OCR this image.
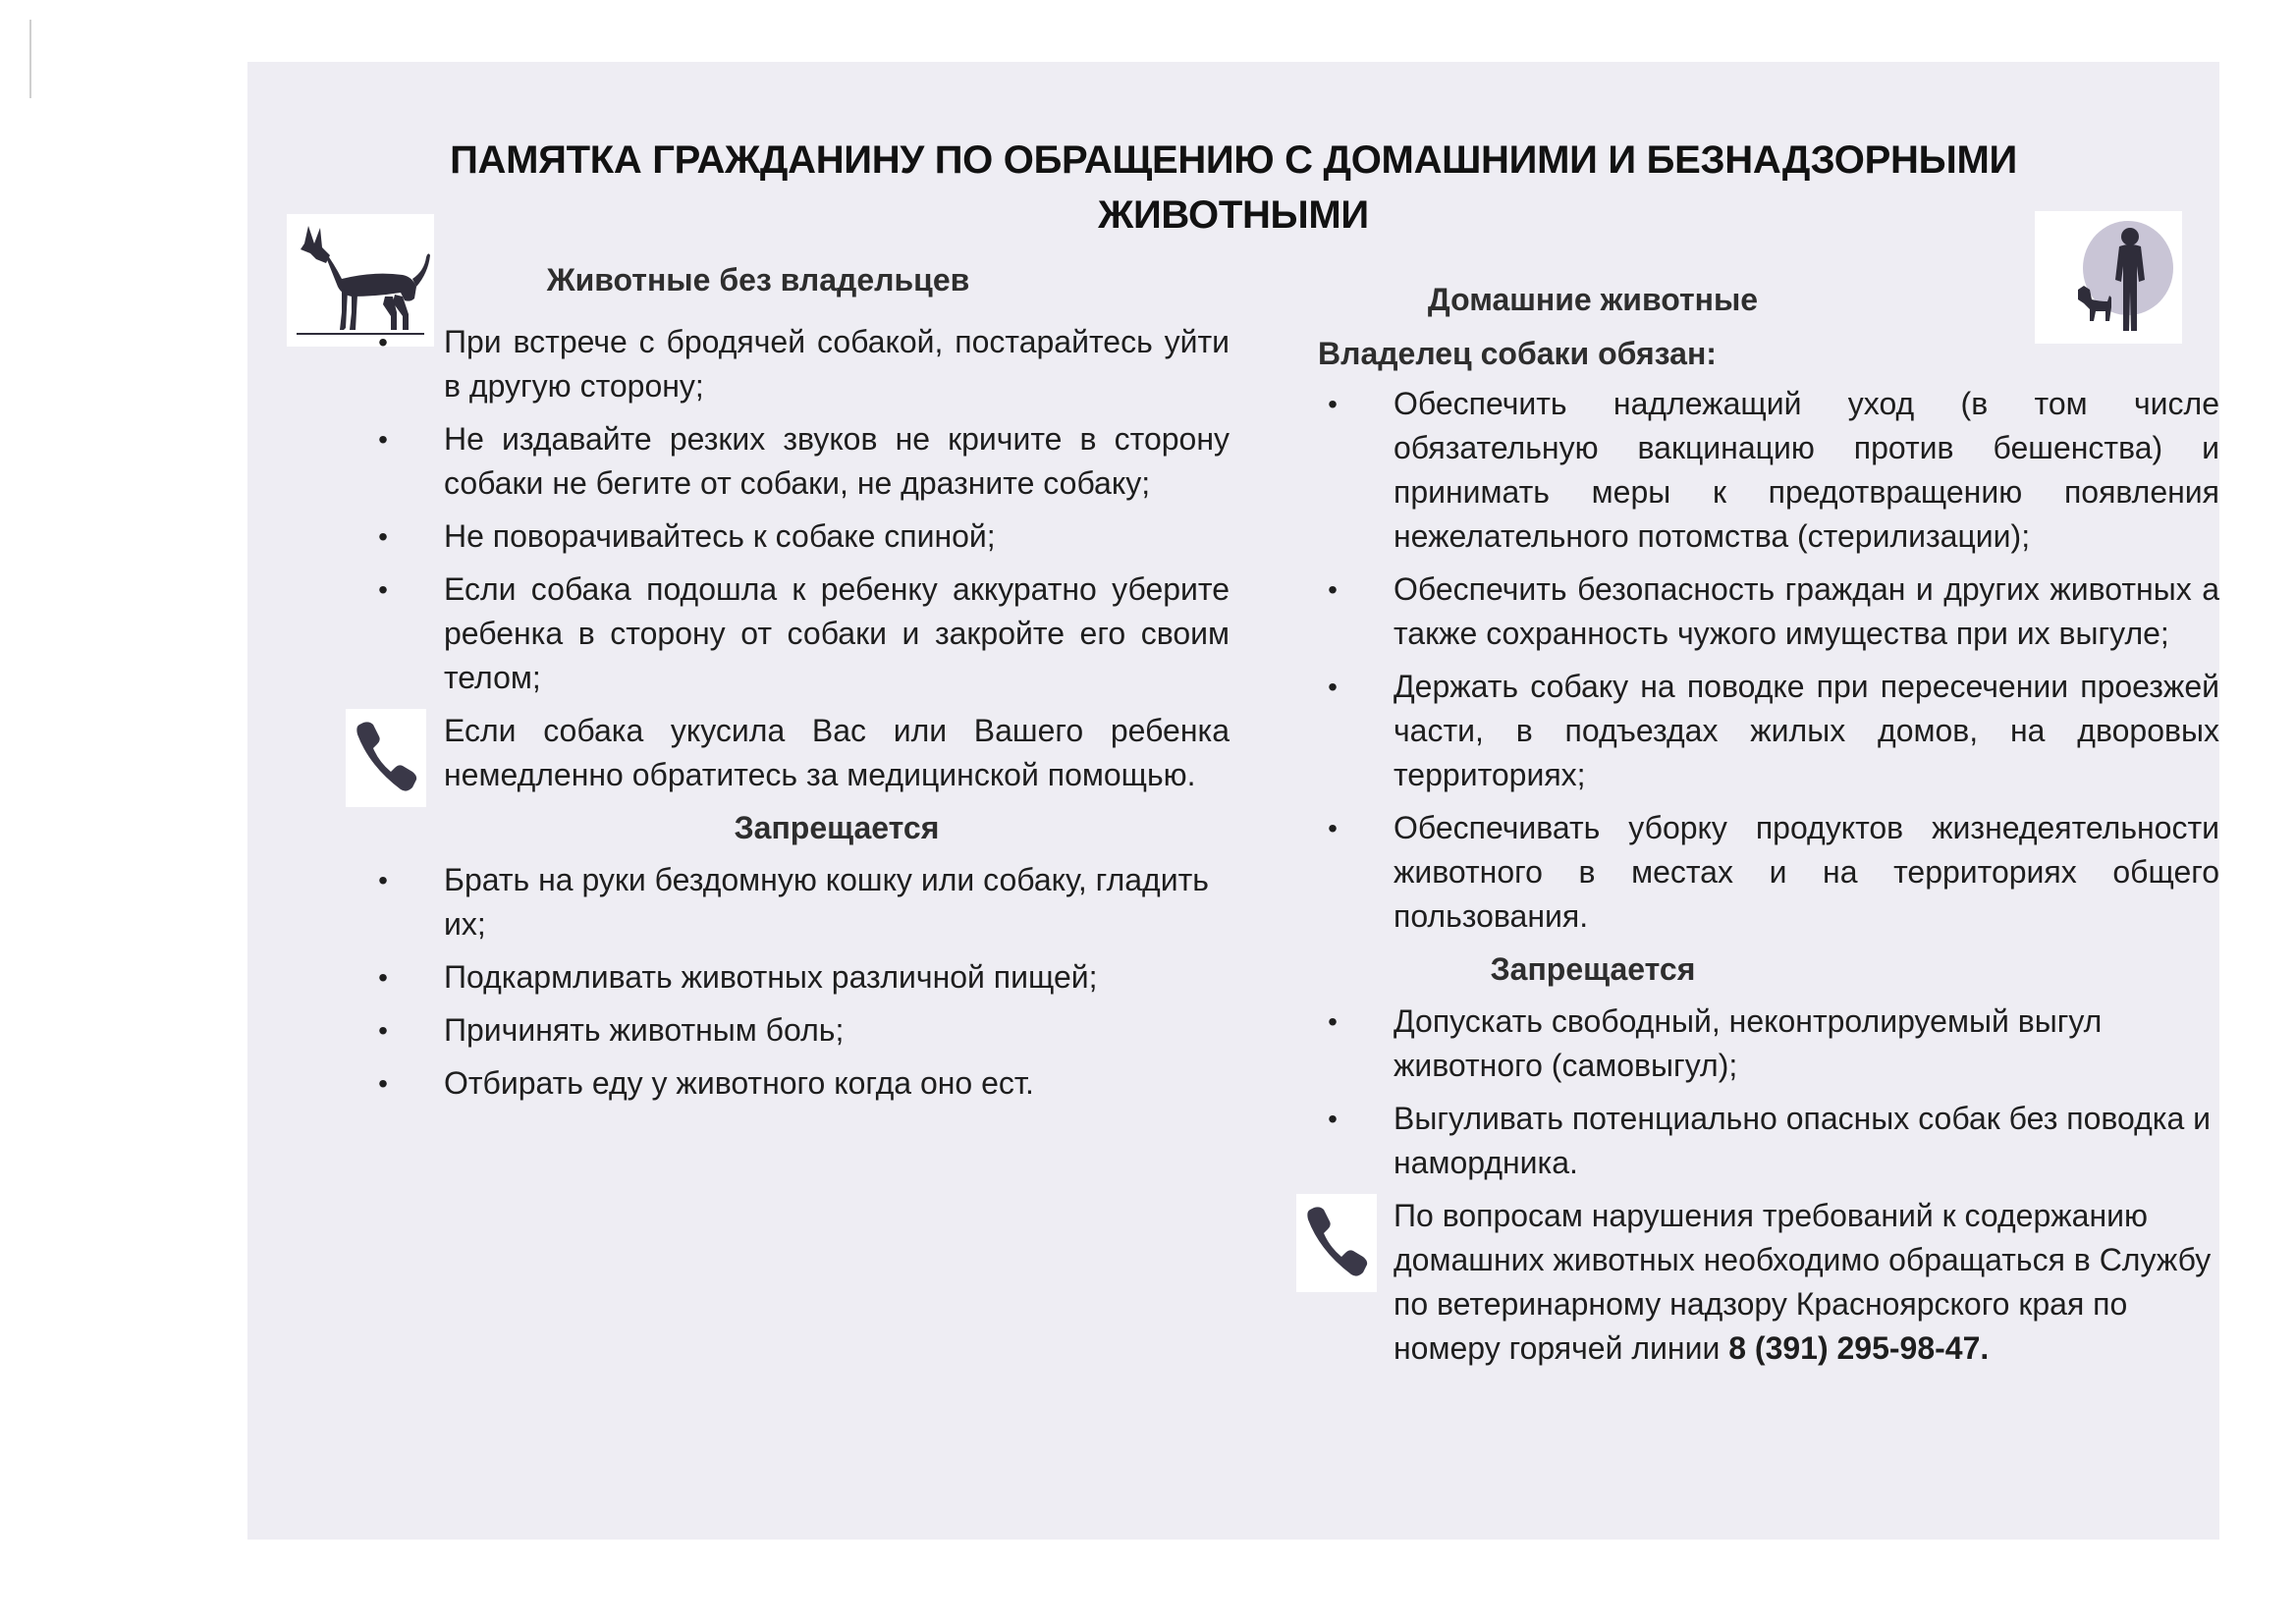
ПАМЯТКА ГРАЖДАНИНУ ПО ОБРАЩЕНИЮ С ДОМАШНИМИ И БЕЗНАДЗОРНЫМИ
ЖИВОТНЫМИ
Животные без владельцев
• При встрече с бродячей собакой, постарайтесь уйти в другую сторону;
• Не издавайте резких звуков не кричите в сторону собаки не бегите от собаки, не дразните собаку;
• Не поворачивайтесь к собаке спиной;
• Если собака подошла к ребенку аккуратно уберите ребенка в сторону от собаки и закройте его своим телом;
Если собака укусила Вас или Вашего ребенка немедленно обратитесь за медицинской помощью.
Запрещается
• Брать на руки бездомную кошку или собаку, гладить их;
• Подкармливать животных различной пищей;
• Причинять животным боль;
• Отбирать еду у животного когда оно ест.
Домашние животные
Владелец собаки обязан:
• Обеспечить надлежащий уход (в том числе обязательную вакцинацию против бешенства) и принимать меры к предотвращению появления нежелательного потомства (стерилизации);
• Обеспечить безопасность граждан и других животных а также сохранность чужого имущества при их выгуле;
• Держать собаку на поводке при пересечении проезжей части, в подъездах жилых домов, на дворовых территориях;
• Обеспечивать уборку продуктов жизнедеятельности животного в местах и на территориях общего пользования.
Запрещается
• Допускать свободный, неконтролируемый выгул животного (самовыгул);
• Выгуливать потенциально опасных собак без поводка и намордника.
По вопросам нарушения требований к содержанию домашних животных необходимо обращаться в Службу по ветеринарному надзору Красноярского края по номеру горячей линии 8 (391) 295-98-47.
